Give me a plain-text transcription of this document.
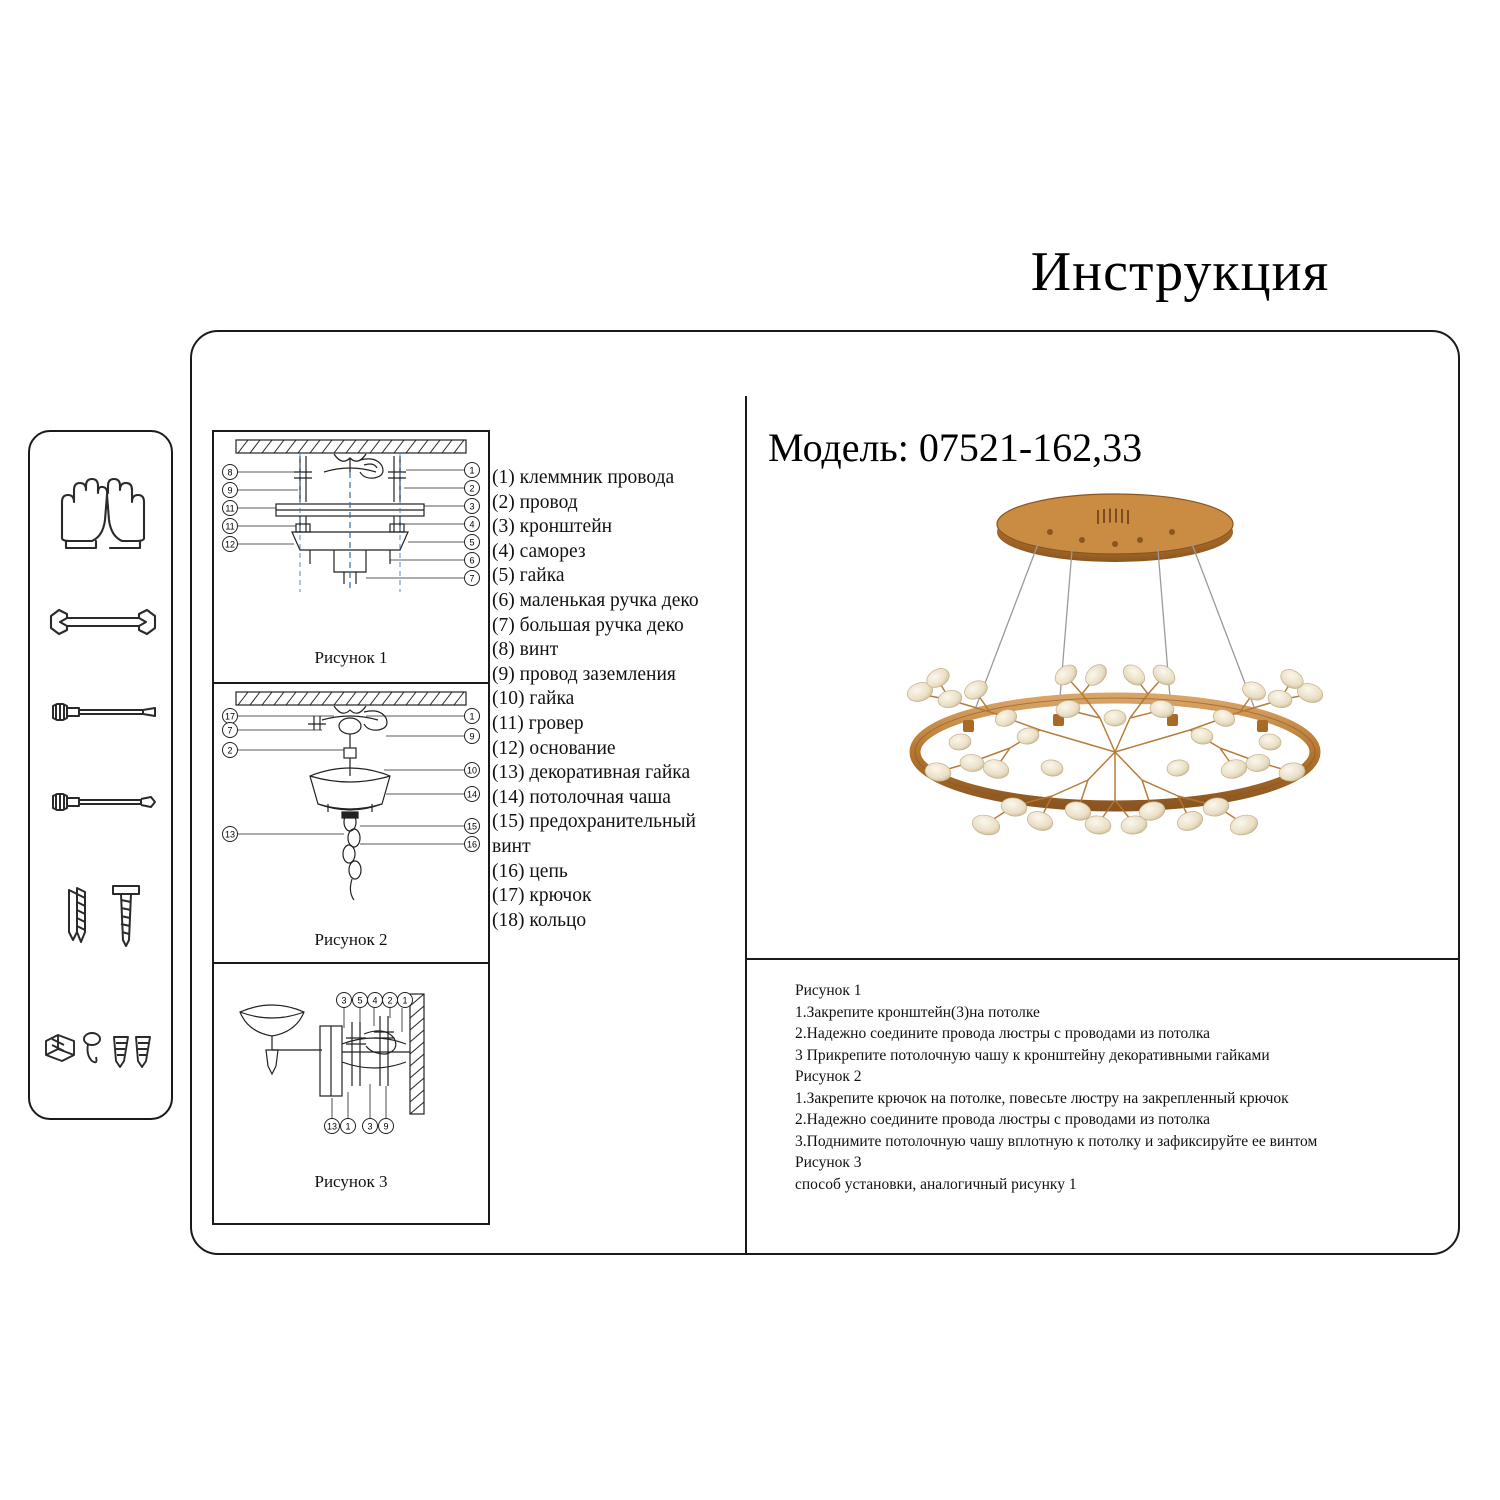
Инструкция
8
9
11
11
12
1
2
3
4
5
6
7
Рисунок 1
17
7
2
13
1
9
10
14
15
16
Рисунок 2
3 5 4 2 1
13 1 3 9
Рисунок 3
(1) клеммник провода
(2) провод
(3) кронштейн
(4) саморез
(5) гайка
(6) маленькая ручка деко
(7) большая ручка деко
(8) винт
(9) провод заземления
(10) гайка
(11) гровер
(12) основание
(13) декоративная гайка
(14) потолочная чаша
(15) предохранительный винт
(16) цепь
(17) крючок
(18) кольцо
Модель: 07521-162,33
Рисунок 1
1.Закрепите кронштейн(3)на потолке
2.Надежно соедините провода люстры с проводами из потолка
3 Прикрепите потолочную чашу к кронштейну декоративными гайками
Рисунок 2
1.Закрепите крючок на потолке, повесьте люстру на закрепленный крючок
2.Надежно соедините провода люстры с проводами из потолка
3.Поднимите потолочную чашу вплотную к потолку и зафиксируйте ее винтом
Рисунок 3
способ установки, аналогичный рисунку 1
